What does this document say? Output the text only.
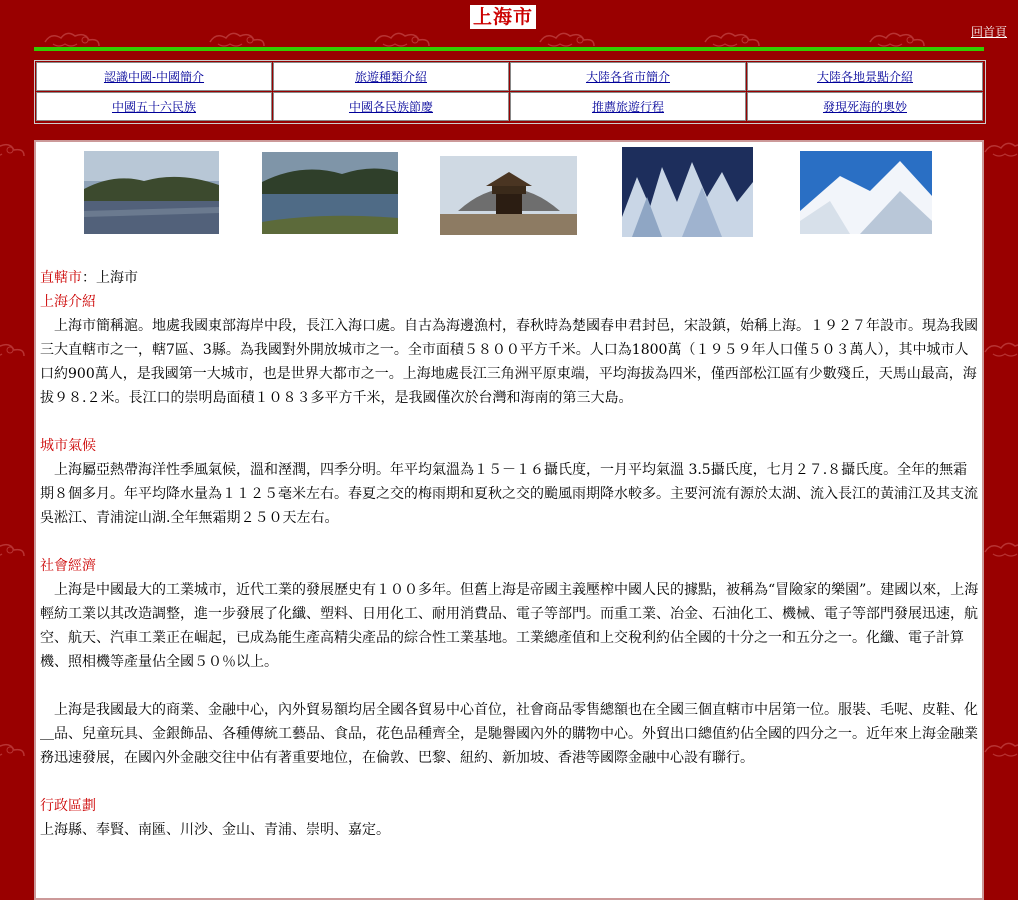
上海市
回首頁
認識中國-中國簡介	旅遊種類介紹	大陸各省市簡介	大陸各地景點介紹
中國五十六民族	中國各民族節慶	推薦旅遊行程	發現死海的奧妙

直轄市：上海市

上海介紹

　上海市簡稱滬。地處我國東部海岸中段，長江入海口處。自古為海邊漁村，春秋時為楚國春申君封邑，宋設鎮，始稱上海。１９２７年設市。現為我國三大直轄市之一，轄7區、3縣。為我國對外開放城市之一。全市面積５８００平方千米。人口為1800萬（１９５９年人口僅５０３萬人），其中城市人口約900萬人，是我國第一大城市，也是世界大都市之一。上海地處長江三角洲平原東端，平均海拔為四米，僅西部松江區有少數殘丘，天馬山最高，海拔９８.２米。長江口的崇明島面積１０８３多平方千米，是我國僅次於台灣和海南的第三大島。

城市氣候

　上海屬亞熱帶海洋性季風氣候，溫和溼潤，四季分明。年平均氣溫為１５－１６攝氏度，一月平均氣溫 3.5攝氏度，七月２７.８攝氏度。全年的無霜期８個多月。年平均降水量為１１２５毫米左右。春夏之交的梅雨期和夏秋之交的颱風雨期降水較多。主要河流有源於太湖、流入長江的黃浦江及其支流吳淞江、青浦淀山湖.全年無霜期２５０天左右。

社會經濟

　上海是中國最大的工業城市，近代工業的發展歷史有１００多年。但舊上海是帝國主義壓榨中國人民的據點，被稱為“冒險家的樂園”。建國以來，上海輕紡工業以其改造調整，進一步發展了化纖、塑料、日用化工、耐用消費品、電子等部門。而重工業、冶金、石油化工、機械、電子等部門發展迅速，航空、航天、汽車工業正在崛起，已成為能生產高精尖產品的綜合性工業基地。工業總產值和上交稅利約佔全國的十分之一和五分之一。化纖、電子計算機、照相機等產量佔全國５０％以上。

　上海是我國最大的商業、金融中心，內外貿易額均居全國各貿易中心首位，社會商品零售總額也在全國三個直轄市中居第一位。服裝、毛呢、皮鞋、化＿品、兒童玩具、金銀飾品、各種傳統工藝品、食品，花色品種齊全，是馳譽國內外的購物中心。外貿出口總值約佔全國的四分之一。近年來上海金融業務迅速發展，在國內外金融交往中佔有著重要地位，在倫敦、巴黎、紐約、新加坡、香港等國際金融中心設有聯行。

行政區劃

上海縣、奉賢、南匯、川沙、金山、青浦、崇明、嘉定。
